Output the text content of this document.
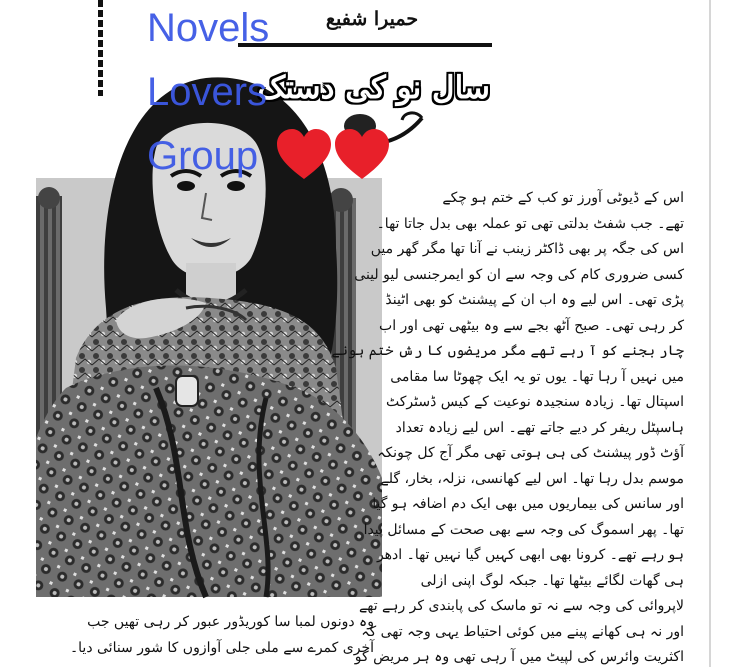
حمیرا شفیع
سال نو کی دستک
Novels
Lovers
Group
اس کے ڈیوٹی آورز تو کب کے ختم ہو چکے
تھے۔ جب شفٹ بدلتی تھی تو عملہ بھی بدل جاتا تھا۔
اس کی جگہ پر بھی ڈاکٹر زینب نے آنا تھا مگر گھر میں
کسی ضروری کام کی وجہ سے ان کو ایمرجنسی لیو لینی
پڑی تھی۔ اس لیے وہ اب ان کے پیشنٹ کو بھی اٹینڈ
کر رہی تھی۔ صبح آٹھ بجے سے وہ بیٹھی تھی اور اب
چار بجنے کو آ رہے تھے مگر مریضوں کا رش ختم ہونے
میں نہیں آ رہا تھا۔ یوں تو یہ ایک چھوٹا سا مقامی
اسپتال تھا۔ زیادہ سنجیدہ نوعیت کے کیس ڈسٹرکٹ
ہاسپٹل ریفر کر دیے جاتے تھے۔ اس لیے زیادہ تعداد
آؤٹ ڈور پیشنٹ کی ہی ہوتی تھی مگر آج کل چونکہ
موسم بدل رہا تھا۔ اس لیے کھانسی، نزلہ، بخار، گلے
اور سانس کی بیماریوں میں بھی ایک دم اضافہ ہو گیا
تھا۔ پھر اسموگ کی وجہ سے بھی صحت کے مسائل پیدا
ہو رہے تھے۔ کرونا بھی ابھی کہیں گیا نہیں تھا۔ ادھر
ہی گھات لگائے بیٹھا تھا۔ جبکہ لوگ اپنی ازلی
لاپروائی کی وجہ سے نہ تو ماسک کی پابندی کر رہے تھے
اور نہ ہی کھانے پینے میں کوئی احتیاط یہی وجہ تھی کہ
اکثریت وائرس کی لپیٹ میں آ رہی تھی وہ ہر مریض کو
وہ دونوں لمبا سا کوریڈور عبور کر رہی تھیں جب
آخری کمرے سے ملی جلی آوازوں کا شور سنائی دیا۔
